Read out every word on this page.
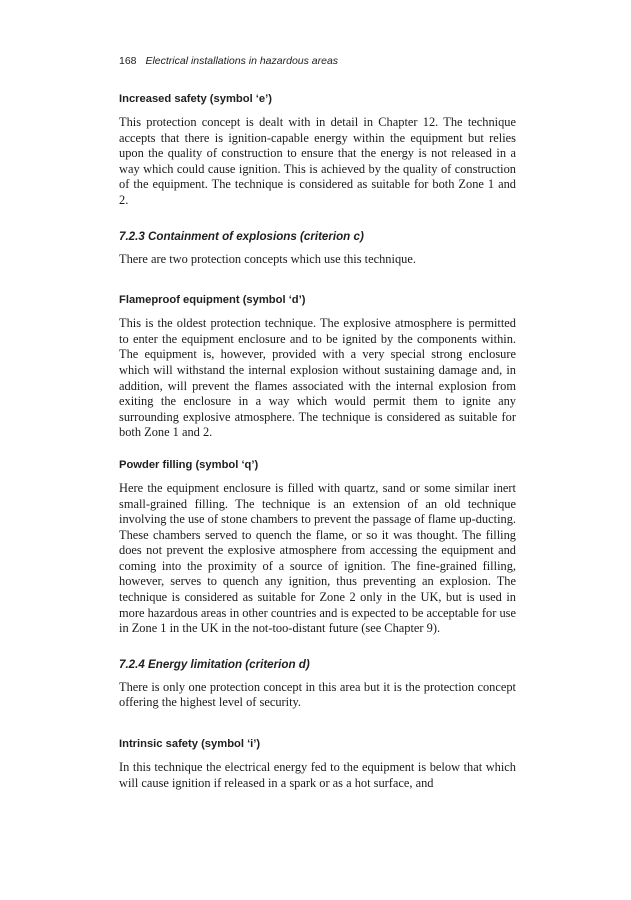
168 Electrical installations in hazardous areas
Increased safety (symbol ‘e’)

This protection concept is dealt with in detail in Chapter 12. The technique accepts that there is ignition-capable energy within the equipment but relies upon the quality of construction to ensure that the energy is not released in a way which could cause ignition. This is achieved by the quality of construction of the equipment. The technique is considered as suitable for both Zone 1 and 2.

7.2.3 Containment of explosions (criterion c)

There are two protection concepts which use this technique.

Flameproof equipment (symbol ‘d’)

This is the oldest protection technique. The explosive atmosphere is permitted to enter the equipment enclosure and to be ignited by the components within. The equipment is, however, provided with a very special strong enclosure which will withstand the internal explosion without sustaining damage and, in addition, will prevent the flames associated with the internal explosion from exiting the enclosure in a way which would permit them to ignite any surrounding explosive atmosphere. The technique is considered as suitable for both Zone 1 and 2.

Powder filling (symbol ‘q’)

Here the equipment enclosure is filled with quartz, sand or some similar inert small-grained filling. The technique is an extension of an old technique involving the use of stone chambers to prevent the passage of flame up-ducting. These chambers served to quench the flame, or so it was thought. The filling does not prevent the explosive atmosphere from accessing the equipment and coming into the proximity of a source of ignition. The fine-grained filling, however, serves to quench any ignition, thus preventing an explosion. The technique is considered as suitable for Zone 2 only in the UK, but is used in more hazardous areas in other countries and is expected to be acceptable for use in Zone 1 in the UK in the not-too-distant future (see Chapter 9).

7.2.4 Energy limitation (criterion d)

There is only one protection concept in this area but it is the protection concept offering the highest level of security.

Intrinsic safety (symbol ‘i’)

In this technique the electrical energy fed to the equipment is below that which will cause ignition if released in a spark or as a hot surface, and
